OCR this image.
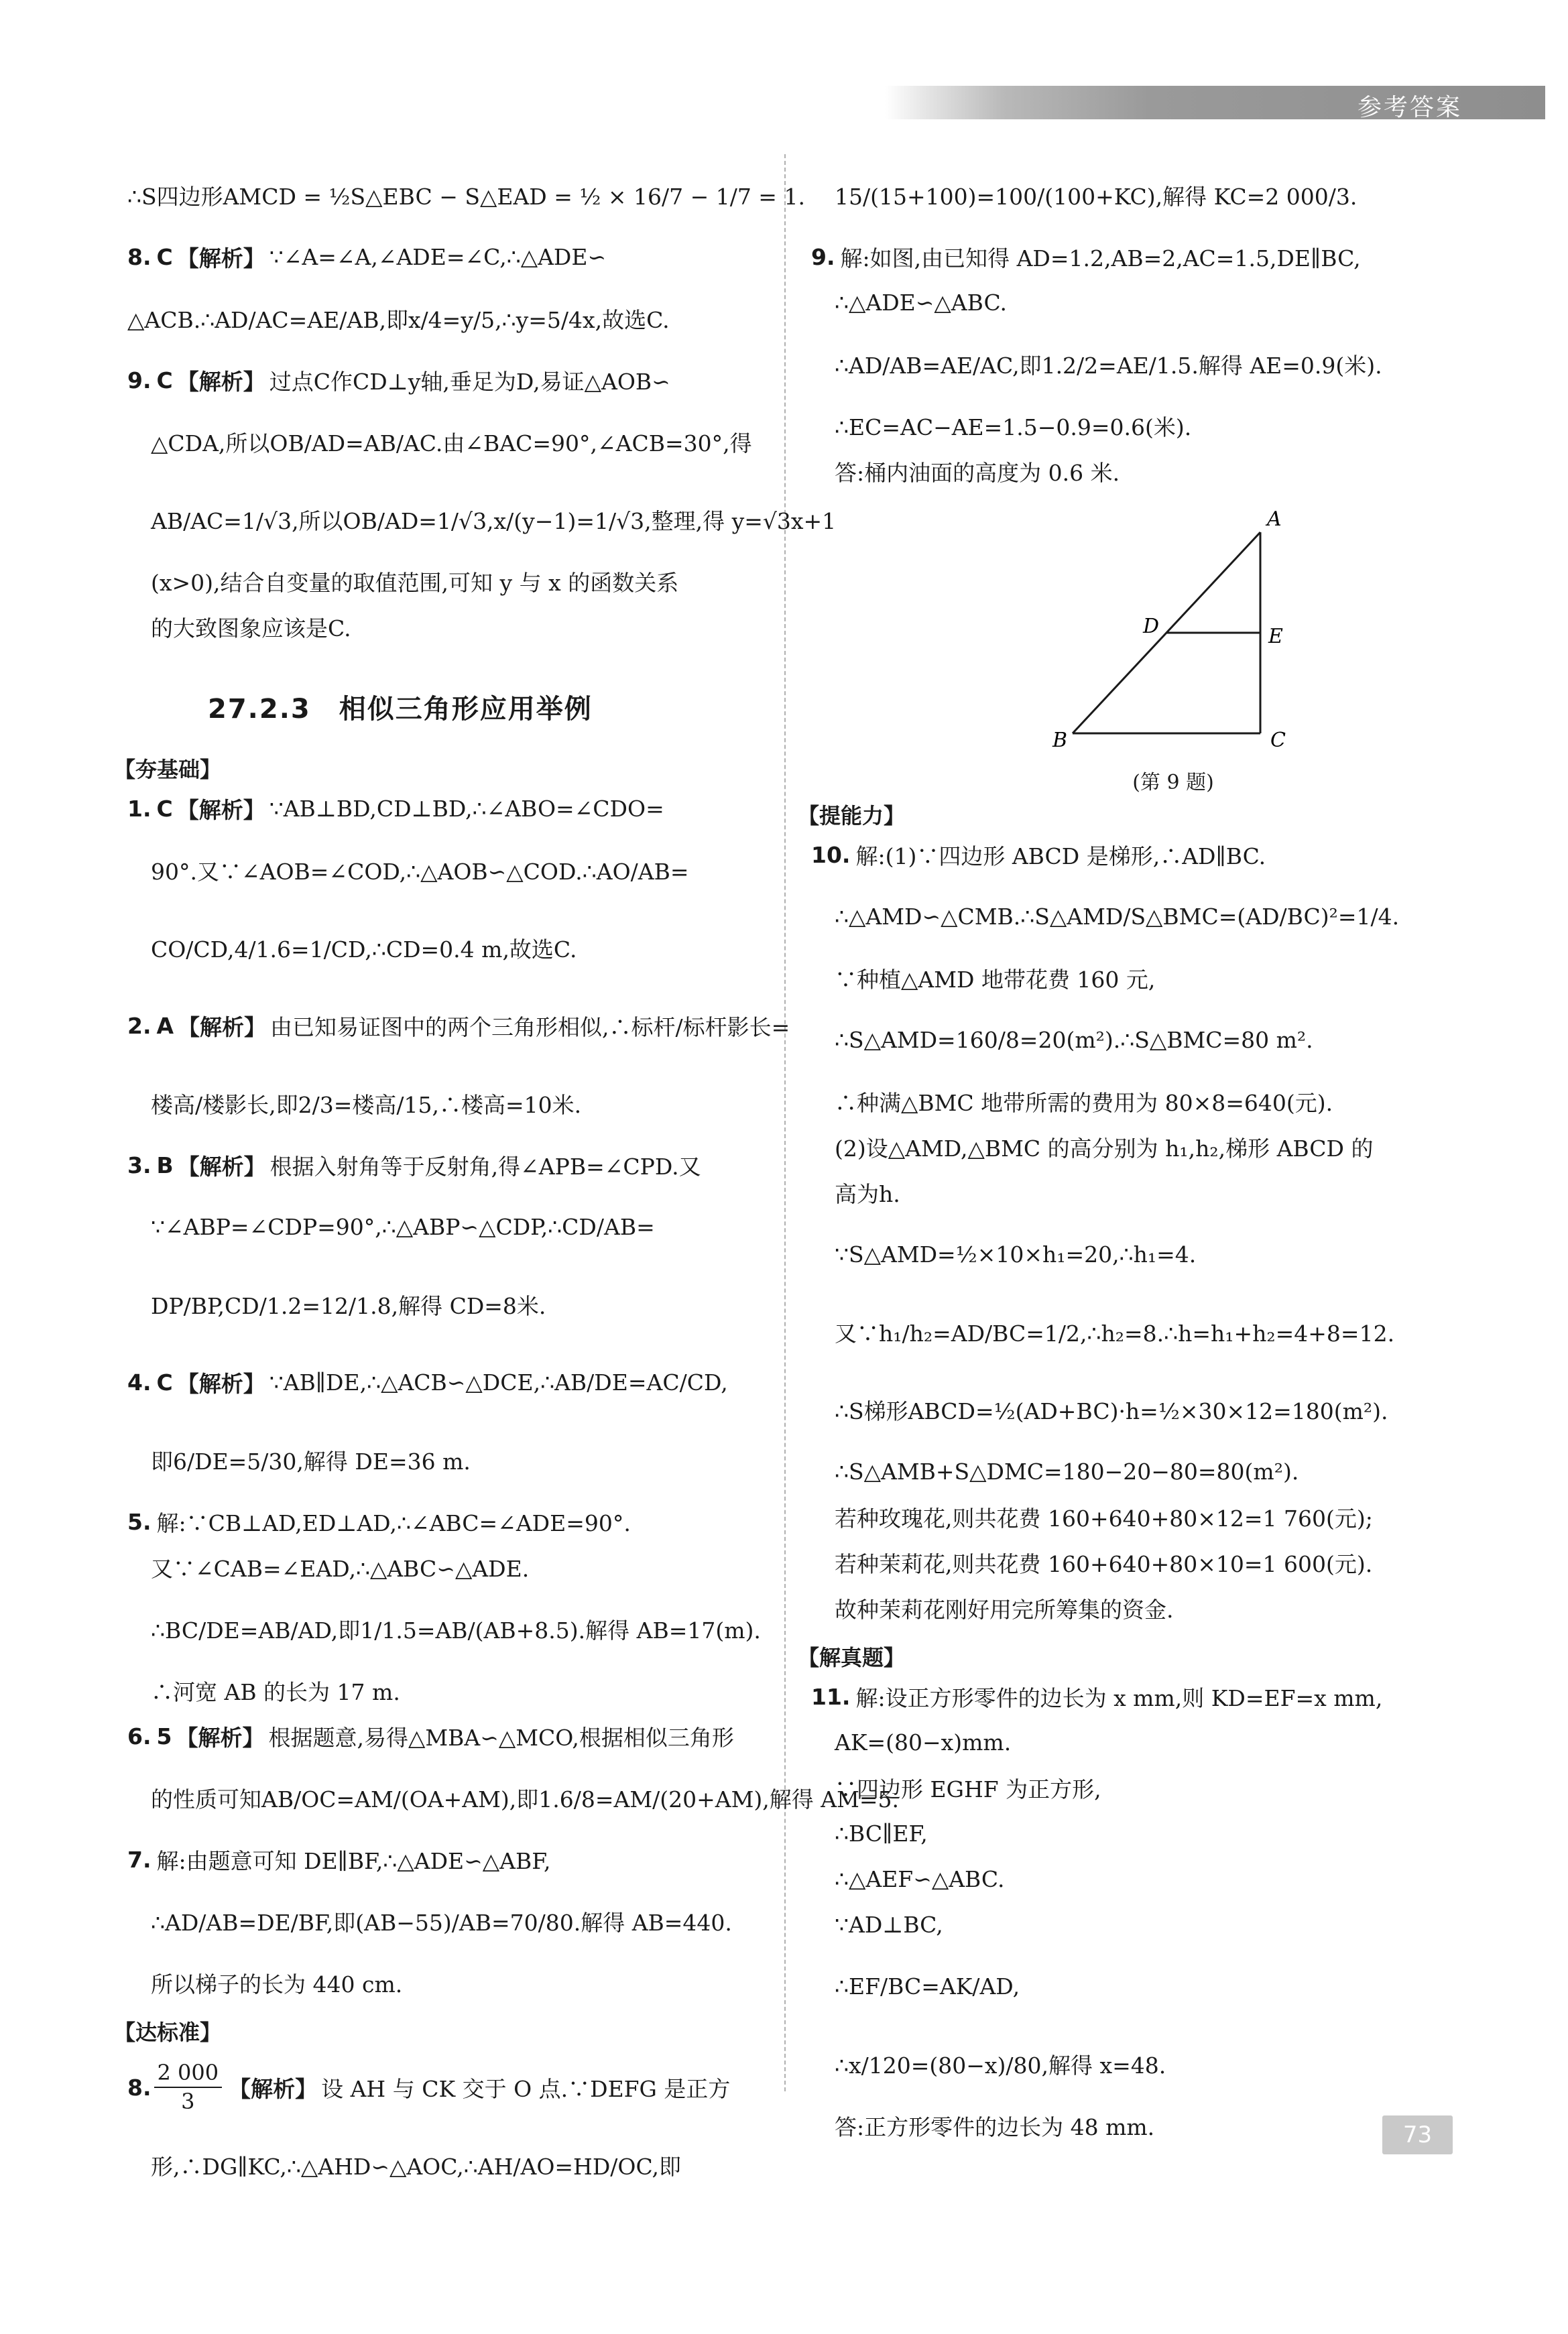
参考答案
∴S四边形AMCD = ½S△EBC − S△EAD = ½ × 16/7 − 1/7 = 1.
8. C 【解析】 ∵∠A=∠A,∠ADE=∠C,∴△ADE∽
△ACB.∴AD/AC=AE/AB,即x/4=y/5,∴y=5/4x,故选C.
9. C 【解析】 过点C作CD⊥y轴,垂足为D,易证△AOB∽
△CDA,所以OB/AD=AB/AC.由∠BAC=90°,∠ACB=30°,得
AB/AC=1/√3,所以OB/AD=1/√3,x/(y−1)=1/√3,整理,得 y=√3x+1
(x>0),结合自变量的取值范围,可知 y 与 x 的函数关系
的大致图象应该是C.
27.2.3　相似三角形应用举例
【夯基础】
1. C 【解析】 ∵AB⊥BD,CD⊥BD,∴∠ABO=∠CDO=
90°.又∵∠AOB=∠COD,∴△AOB∽△COD.∴AO/AB=
CO/CD,4/1.6=1/CD,∴CD=0.4 m,故选C.
2. A 【解析】 由已知易证图中的两个三角形相似,∴标杆/标杆影长=
楼高/楼影长,即2/3=楼高/15,∴楼高=10米.
3. B 【解析】 根据入射角等于反射角,得∠APB=∠CPD.又
∵∠ABP=∠CDP=90°,∴△ABP∽△CDP,∴CD/AB=
DP/BP,CD/1.2=12/1.8,解得 CD=8米.
4. C 【解析】 ∵AB∥DE,∴△ACB∽△DCE,∴AB/DE=AC/CD,
即6/DE=5/30,解得 DE=36 m.
5. 解:∵CB⊥AD,ED⊥AD,∴∠ABC=∠ADE=90°.
又∵∠CAB=∠EAD,∴△ABC∽△ADE.
∴BC/DE=AB/AD,即1/1.5=AB/(AB+8.5).解得 AB=17(m).
∴河宽 AB 的长为 17 m.
6. 5 【解析】 根据题意,易得△MBA∽△MCO,根据相似三角形
的性质可知AB/OC=AM/(OA+AM),即1.6/8=AM/(20+AM),解得 AM=5.
7. 解:由题意可知 DE∥BF,∴△ADE∽△ABF,
∴AD/AB=DE/BF,即(AB−55)/AB=70/80.解得 AB=440.
所以梯子的长为 440 cm.
【达标准】
8. $\frac{2 000}{3}$ 【解析】 设 AH 与 CK 交于 O 点.∵DEFG 是正方
形,∴DG∥KC,∴△AHD∽△AOC,∴AH/AO=HD/OC,即
15/(15+100)=100/(100+KC),解得 KC=2 000/3.
9. 解:如图,由已知得 AD=1.2,AB=2,AC=1.5,DE∥BC,
∴△ADE∽△ABC.
∴AD/AB=AE/AC,即1.2/2=AE/1.5.解得 AE=0.9(米).
∴EC=AC−AE=1.5−0.9=0.6(米).
答:桶内油面的高度为 0.6 米.
A
B	C
D	E
(第 9 题)
【提能力】
10. 解:(1)∵四边形 ABCD 是梯形,∴AD∥BC.
∴△AMD∽△CMB.∴S△AMD/S△BMC=(AD/BC)²=1/4.
∵种植△AMD 地带花费 160 元,
∴S△AMD=160/8=20(m²).∴S△BMC=80 m².
∴种满△BMC 地带所需的费用为 80×8=640(元).
(2)设△AMD,△BMC 的高分别为 h₁,h₂,梯形 ABCD 的
高为h.
∵S△AMD=½×10×h₁=20,∴h₁=4.
又∵h₁/h₂=AD/BC=1/2,∴h₂=8.∴h=h₁+h₂=4+8=12.
∴S梯形ABCD=½(AD+BC)·h=½×30×12=180(m²).
∴S△AMB+S△DMC=180−20−80=80(m²).
若种玫瑰花,则共花费 160+640+80×12=1 760(元);
若种茉莉花,则共花费 160+640+80×10=1 600(元).
故种茉莉花刚好用完所筹集的资金.
【解真题】
11. 解:设正方形零件的边长为 x mm,则 KD=EF=x mm,
AK=(80−x)mm.
∵四边形 EGHF 为正方形,
∴BC∥EF,
∴△AEF∽△ABC.
∵AD⊥BC,
∴EF/BC=AK/AD,
∴x/120=(80−x)/80,解得 x=48.
答:正方形零件的边长为 48 mm.	73
